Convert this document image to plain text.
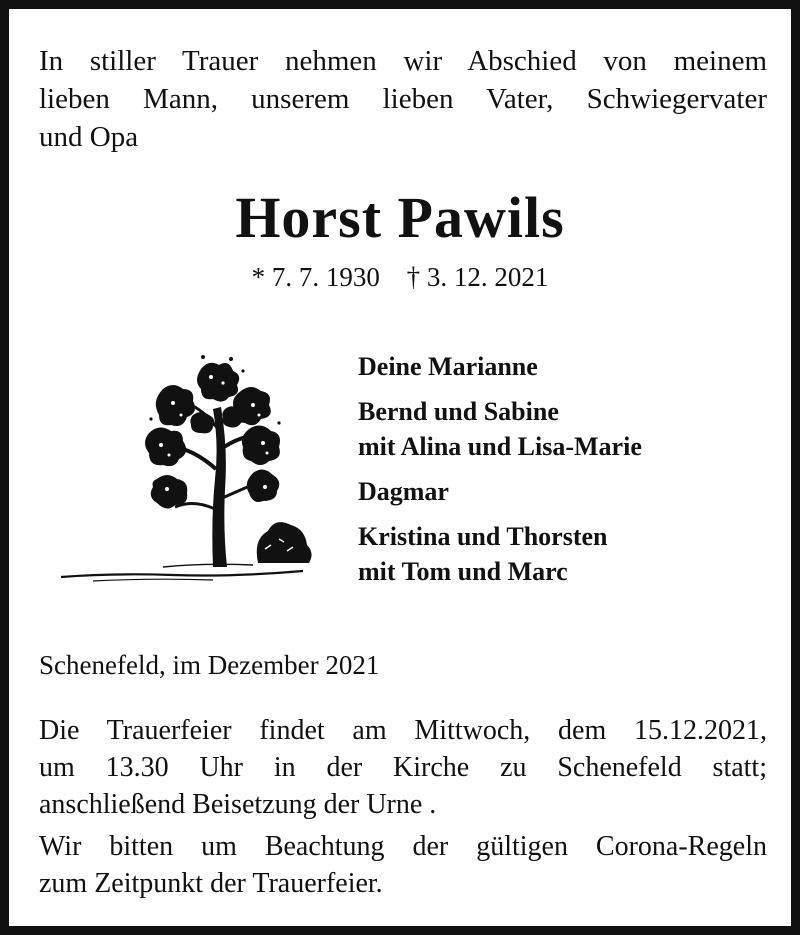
In stiller Trauer nehmen wir Abschied von meinem
lieben Mann, unserem lieben Vater, Schwiegervater
und Opa

Horst Pawils
* 7. 7. 1930 † 3. 12. 2021
Deine Marianne
Bernd und Sabine
mit Alina und Lisa-Marie
Dagmar
Kristina und Thorsten
mit Tom und Marc
Schenefeld, im Dezember 2021
Die Trauerfeier findet am Mittwoch, dem 15.12.2021,
um 13.30 Uhr in der Kirche zu Schenefeld statt;
anschließend Beisetzung der Urne .
Wir bitten um Beachtung der gültigen Corona-Regeln
zum Zeitpunkt der Trauerfeier.
